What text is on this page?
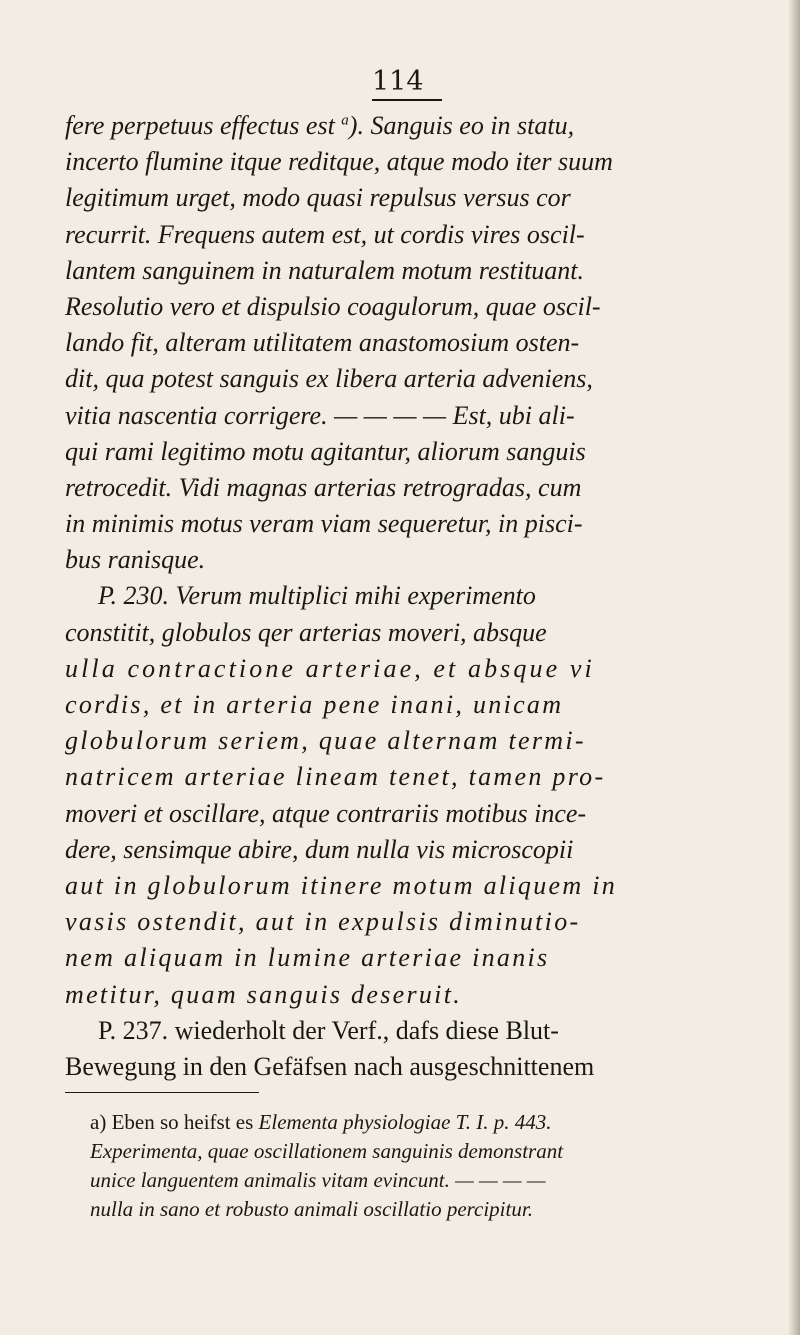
114
fere perpetuus effectus est $^a$). Sanguis eo in statu,
incerto flumine itque reditque, atque modo iter suum
legitimum urget, modo quasi repulsus versus cor
recurrit. Frequens autem est, ut cordis vires oscil-
lantem sanguinem in naturalem motum restituant.
Resolutio vero et dispulsio coagulorum, quae oscil-
lando fit, alteram utilitatem anastomosium osten-
dit, qua potest sanguis ex libera arteria adveniens,
vitia nascentia corrigere. — — — — Est, ubi ali-
qui rami legitimo motu agitantur, aliorum sanguis
retrocedit. Vidi magnas arterias retrogradas, cum
in minimis motus veram viam sequeretur, in pisci-
bus ranisque.
P. 230. Verum multiplici mihi experimento
constitit, globulos qer arterias moveri, absque
ulla contractione arteriae, et absque vi
cordis, et in arteria pene inani, unicam
globulorum seriem, quae alternam termi-
natricem arteriae lineam tenet, tamen pro-
moveri et oscillare, atque contrariis motibus ince-
dere, sensimque abire, dum nulla vis microscopii
aut in globulorum itinere motum aliquem in
vasis ostendit, aut in expulsis diminutio-
nem aliquam in lumine arteriae inanis
metitur, quam sanguis deseruit.
P. 237. wiederholt der Verf., dafs diese Blut-
Bewegung in den Gefäfsen nach ausgeschnittenem
a) Eben so heifst es Elementa physiologiae T. I. p. 443.
Experimenta, quae oscillationem sanguinis demonstrant
unice languentem animalis vitam evincunt. — — — —
nulla in sano et robusto animali oscillatio percipitur.
